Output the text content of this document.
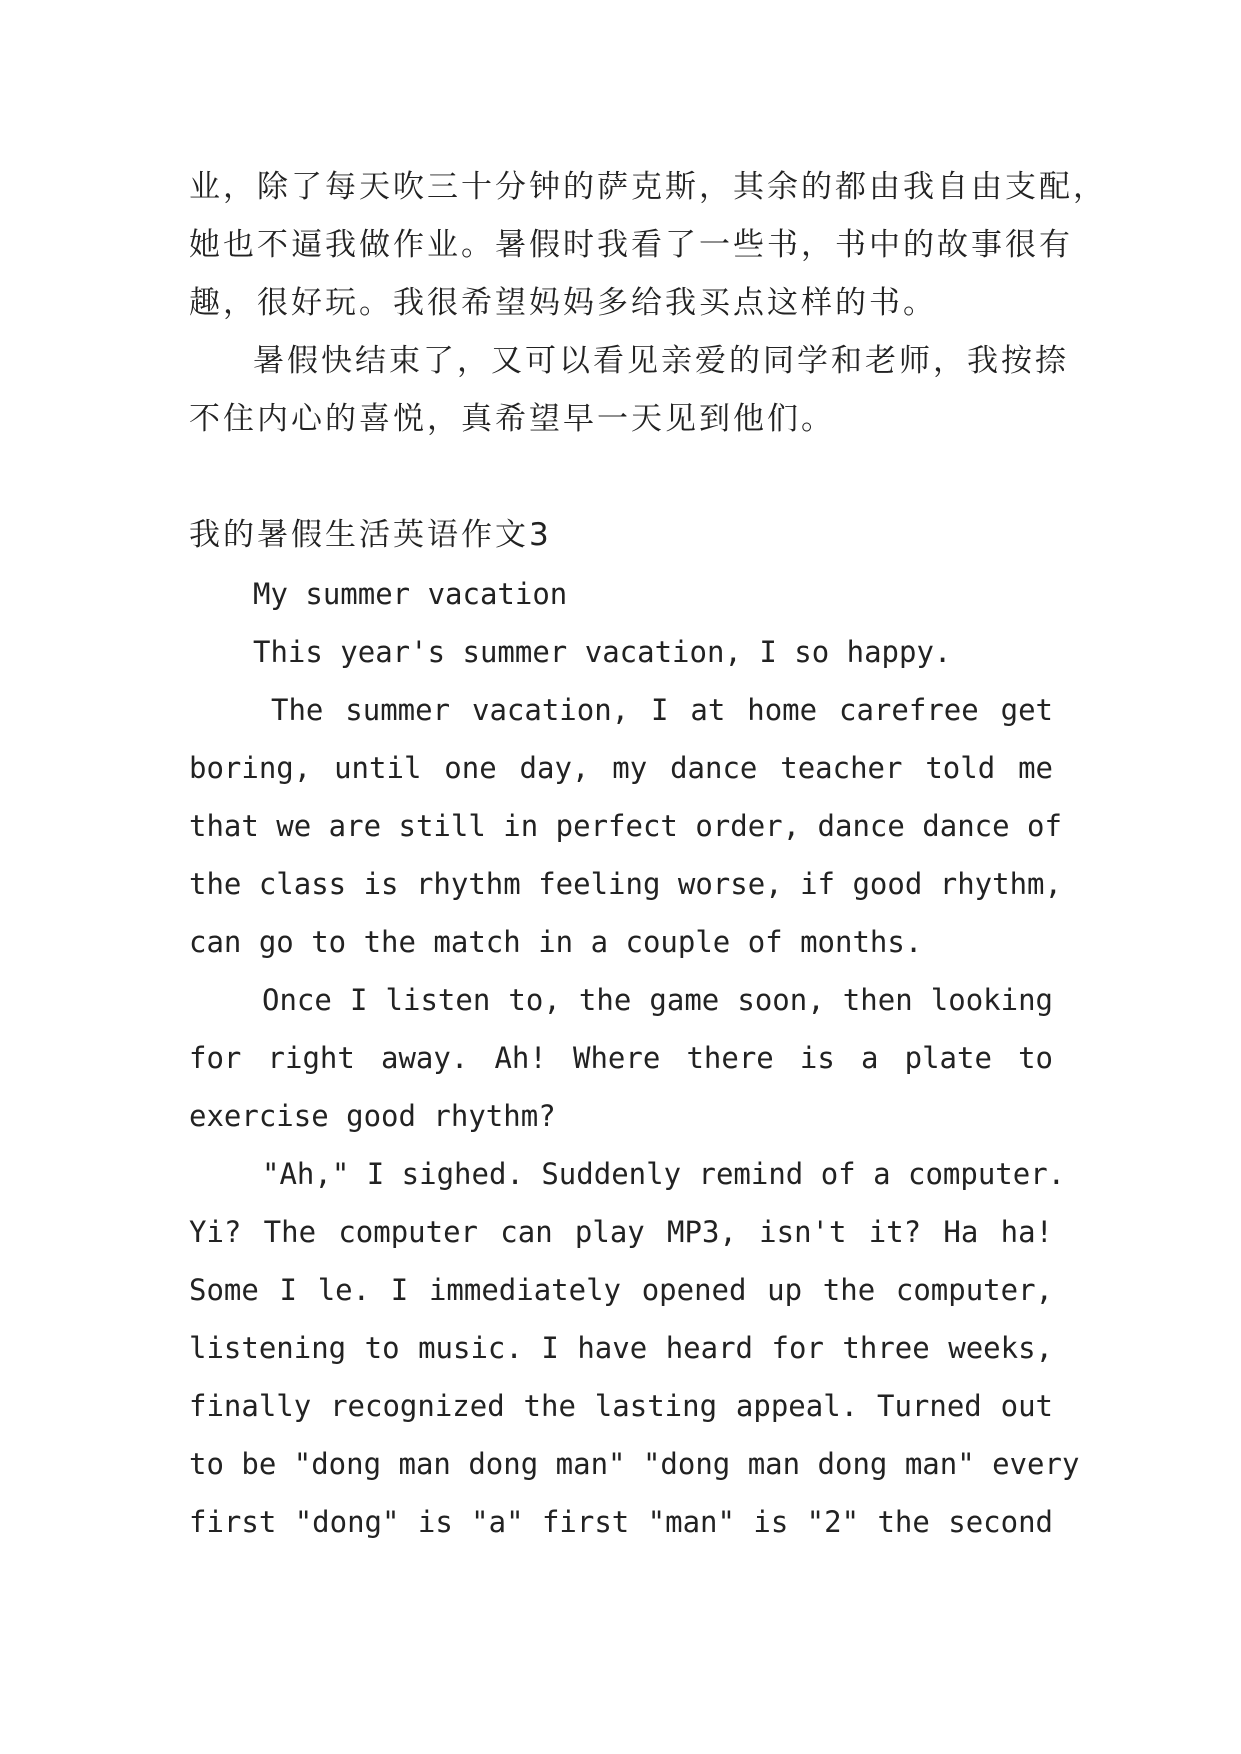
业，除了每天吹三十分钟的萨克斯，其余的都由我自由支配，
她也不逼我做作业。暑假时我看了一些书，书中的故事很有
趣，很好玩。我很希望妈妈多给我买点这样的书。
暑假快结束了，又可以看见亲爱的同学和老师，我按捺
不住内心的喜悦，真希望早一天见到他们。
我的暑假生活英语作文3
My summer vacation
This year's summer vacation, I so happy.
The summer vacation, I at home carefree get
boring, until one day, my dance teacher told me
that we are still in perfect order, dance dance of
the class is rhythm feeling worse, if good rhythm,
can go to the match in a couple of months.
Once I listen to, the game soon, then looking
for right away. Ah! Where there is a plate to
exercise good rhythm?
"Ah," I sighed. Suddenly remind of a computer.
Yi? The computer can play MP3, isn't it? Ha ha!
Some I le. I immediately opened up the computer,
listening to music. I have heard for three weeks,
finally recognized the lasting appeal. Turned out
to be "dong man dong man" "dong man dong man" every
first "dong" is "a" first "man" is "2" the second
